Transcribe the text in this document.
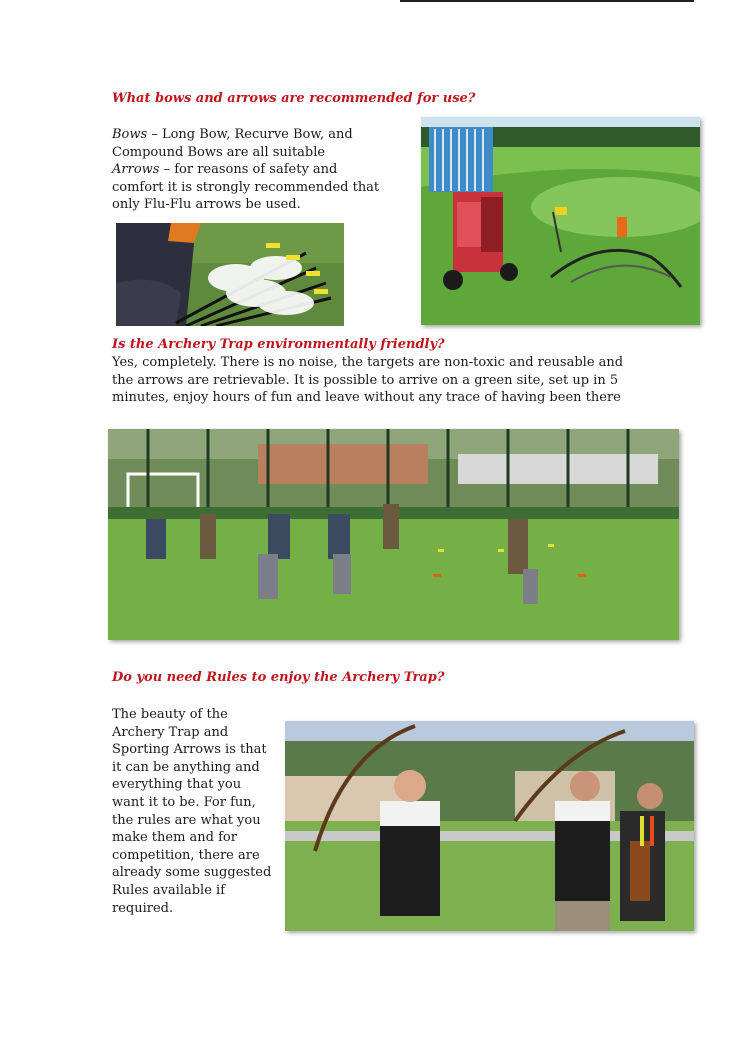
What bows and arrows are recommended for use?
Bows – Long Bow, Recurve Bow, and Compound Bows are all suitable
Arrows – for reasons of safety and comfort it is strongly recommended that only Flu-Flu arrows be used.
Is the Archery Trap environmentally friendly?
Yes, completely. There is no noise, the targets are non-toxic and reusable and the arrows are retrievable. It is possible to arrive on a green site, set up in 5 minutes, enjoy hours of fun and leave without any trace of having been there
Do you need Rules to enjoy the Archery Trap?
The beauty of the Archery Trap and Sporting Arrows is that it can be anything and everything that you want it to be. For fun, the rules are what you make them and for competition, there are already some suggested Rules available if required.
